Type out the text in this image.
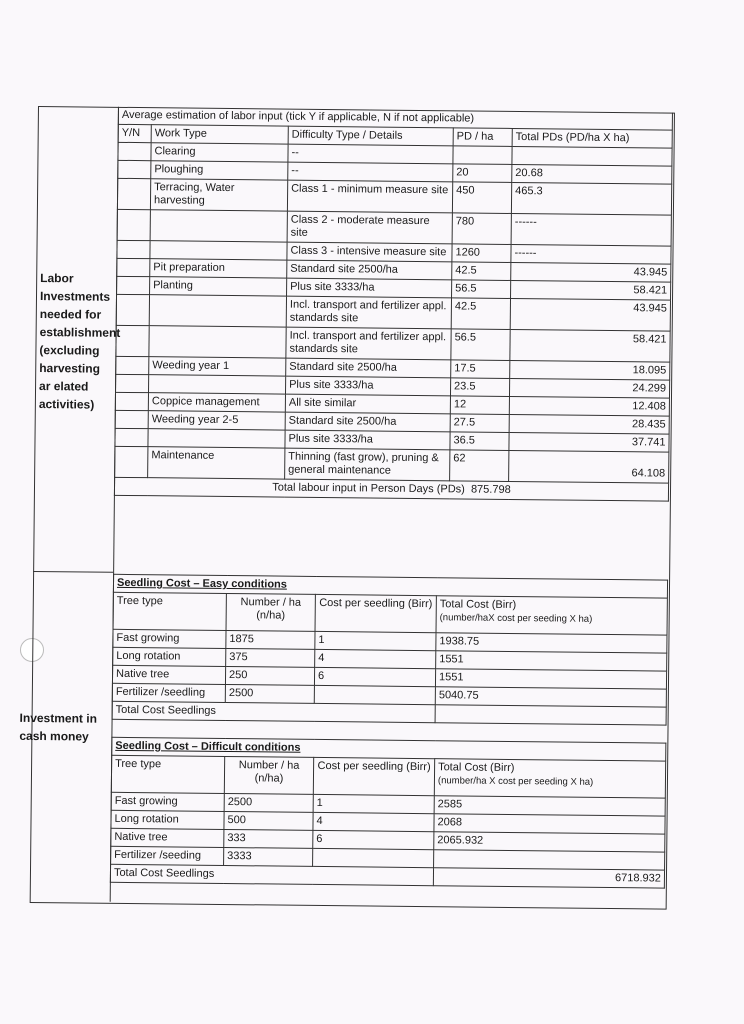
Labor
Investments
needed for
establishment
(excluding
harvesting
ar elated
activities)
Investment in
cash money
Average estimation of labor input (tick Y if applicable, N if not applicable)				
Y/N	Work Type	Difficulty Type / Details	PD / ha	Total PDs (PD/ha X ha)
	Clearing	--		
	Ploughing	--	20	20.68
	Terracing, Water harvesting	Class 1 - minimum measure site	450	465.3
		Class 2 - moderate measure site	780	------
		Class 3 - intensive measure site	1260	------
	Pit preparation	Standard site 2500/ha	42.5	43.945
	Planting	Plus site 3333/ha	56.5	58.421
		Incl. transport and fertilizer appl. standards site	42.5	43.945
		Incl. transport and fertilizer appl. standards site	56.5	58.421
	Weeding year 1	Standard site 2500/ha	17.5	18.095
		Plus site 3333/ha	23.5	24.299
	Coppice management	All site similar	12	12.408
	Weeding year 2-5	Standard site 2500/ha	27.5	28.435
		Plus site 3333/ha	36.5	37.741
	Maintenance	Thinning (fast grow), pruning & general maintenance	62	64.108
Total labour input in Person Days (PDs) 875.798				
Seedling Cost – Easy conditions			
Tree type	Number / ha (n/ha)	Cost per seedling (Birr)	Total Cost (Birr)
(number/haX cost per seeding X ha)

Fast growing	1875	1	1938.75
Long rotation	375	4	1551
Native tree	250	6	1551
Fertilizer /seedling	2500		5040.75
Total Cost Seedlings			
Seedling Cost – Difficult conditions			
Tree type	Number / ha (n/ha)	Cost per seedling (Birr)	Total Cost (Birr)
(number/ha X cost per seeding X ha)

Fast growing	2500	1	2585
Long rotation	500	4	2068
Native tree	333	6	2065.932
Fertilizer /seeding	3333		
Total Cost Seedlings			6718.932
